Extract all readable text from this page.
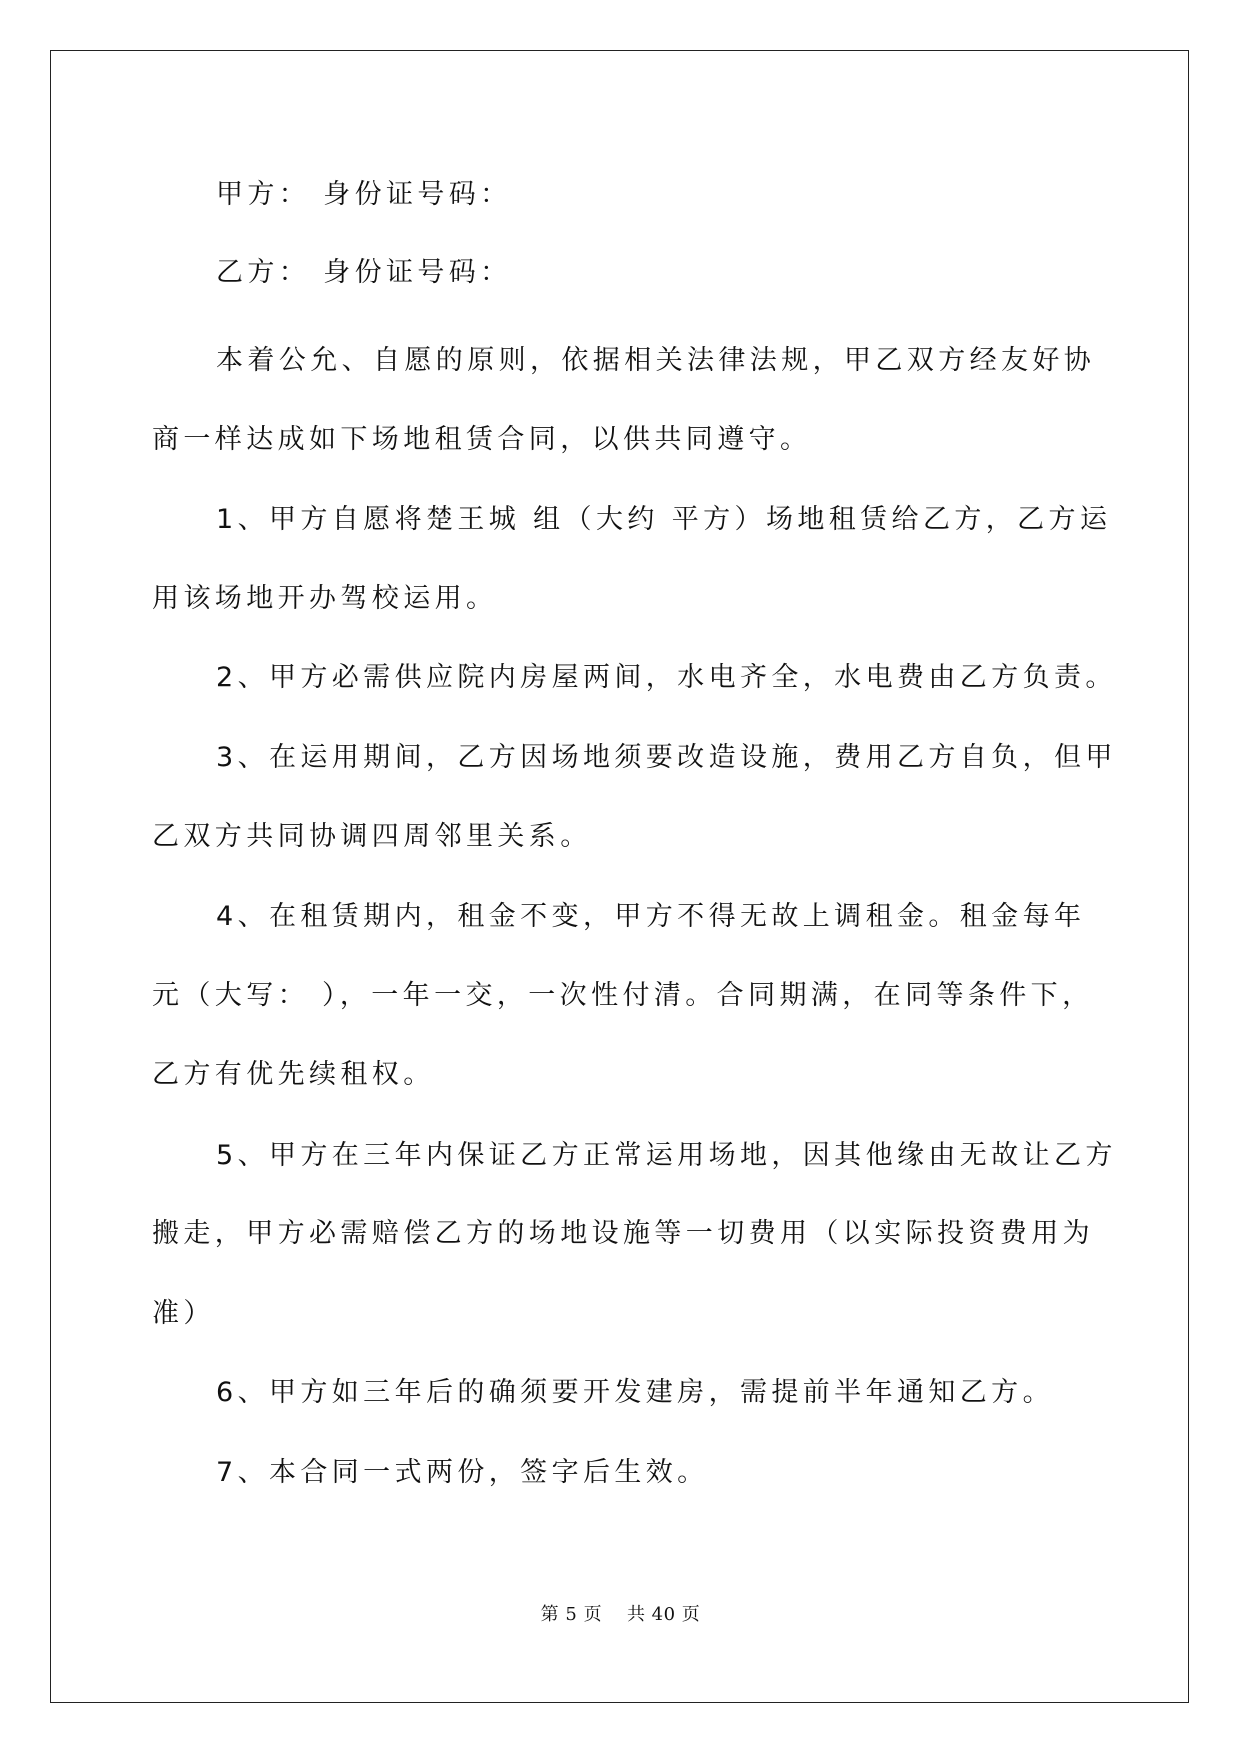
甲方： 身份证号码：
乙方： 身份证号码：
本着公允、自愿的原则，依据相关法律法规，甲乙双方经友好协
商一样达成如下场地租赁合同，以供共同遵守。
1、甲方自愿将楚王城 组（大约 平方）场地租赁给乙方，乙方运
用该场地开办驾校运用。
2、甲方必需供应院内房屋两间，水电齐全，水电费由乙方负责。
3、在运用期间，乙方因场地须要改造设施，费用乙方自负，但甲
乙双方共同协调四周邻里关系。
4、在租赁期内，租金不变，甲方不得无故上调租金。租金每年
元（大写： ），一年一交，一次性付清。合同期满，在同等条件下，
乙方有优先续租权。
5、甲方在三年内保证乙方正常运用场地，因其他缘由无故让乙方
搬走，甲方必需赔偿乙方的场地设施等一切费用（以实际投资费用为
准）
6、甲方如三年后的确须要开发建房，需提前半年通知乙方。
7、本合同一式两份，签字后生效。
第 5 页    共 40 页
